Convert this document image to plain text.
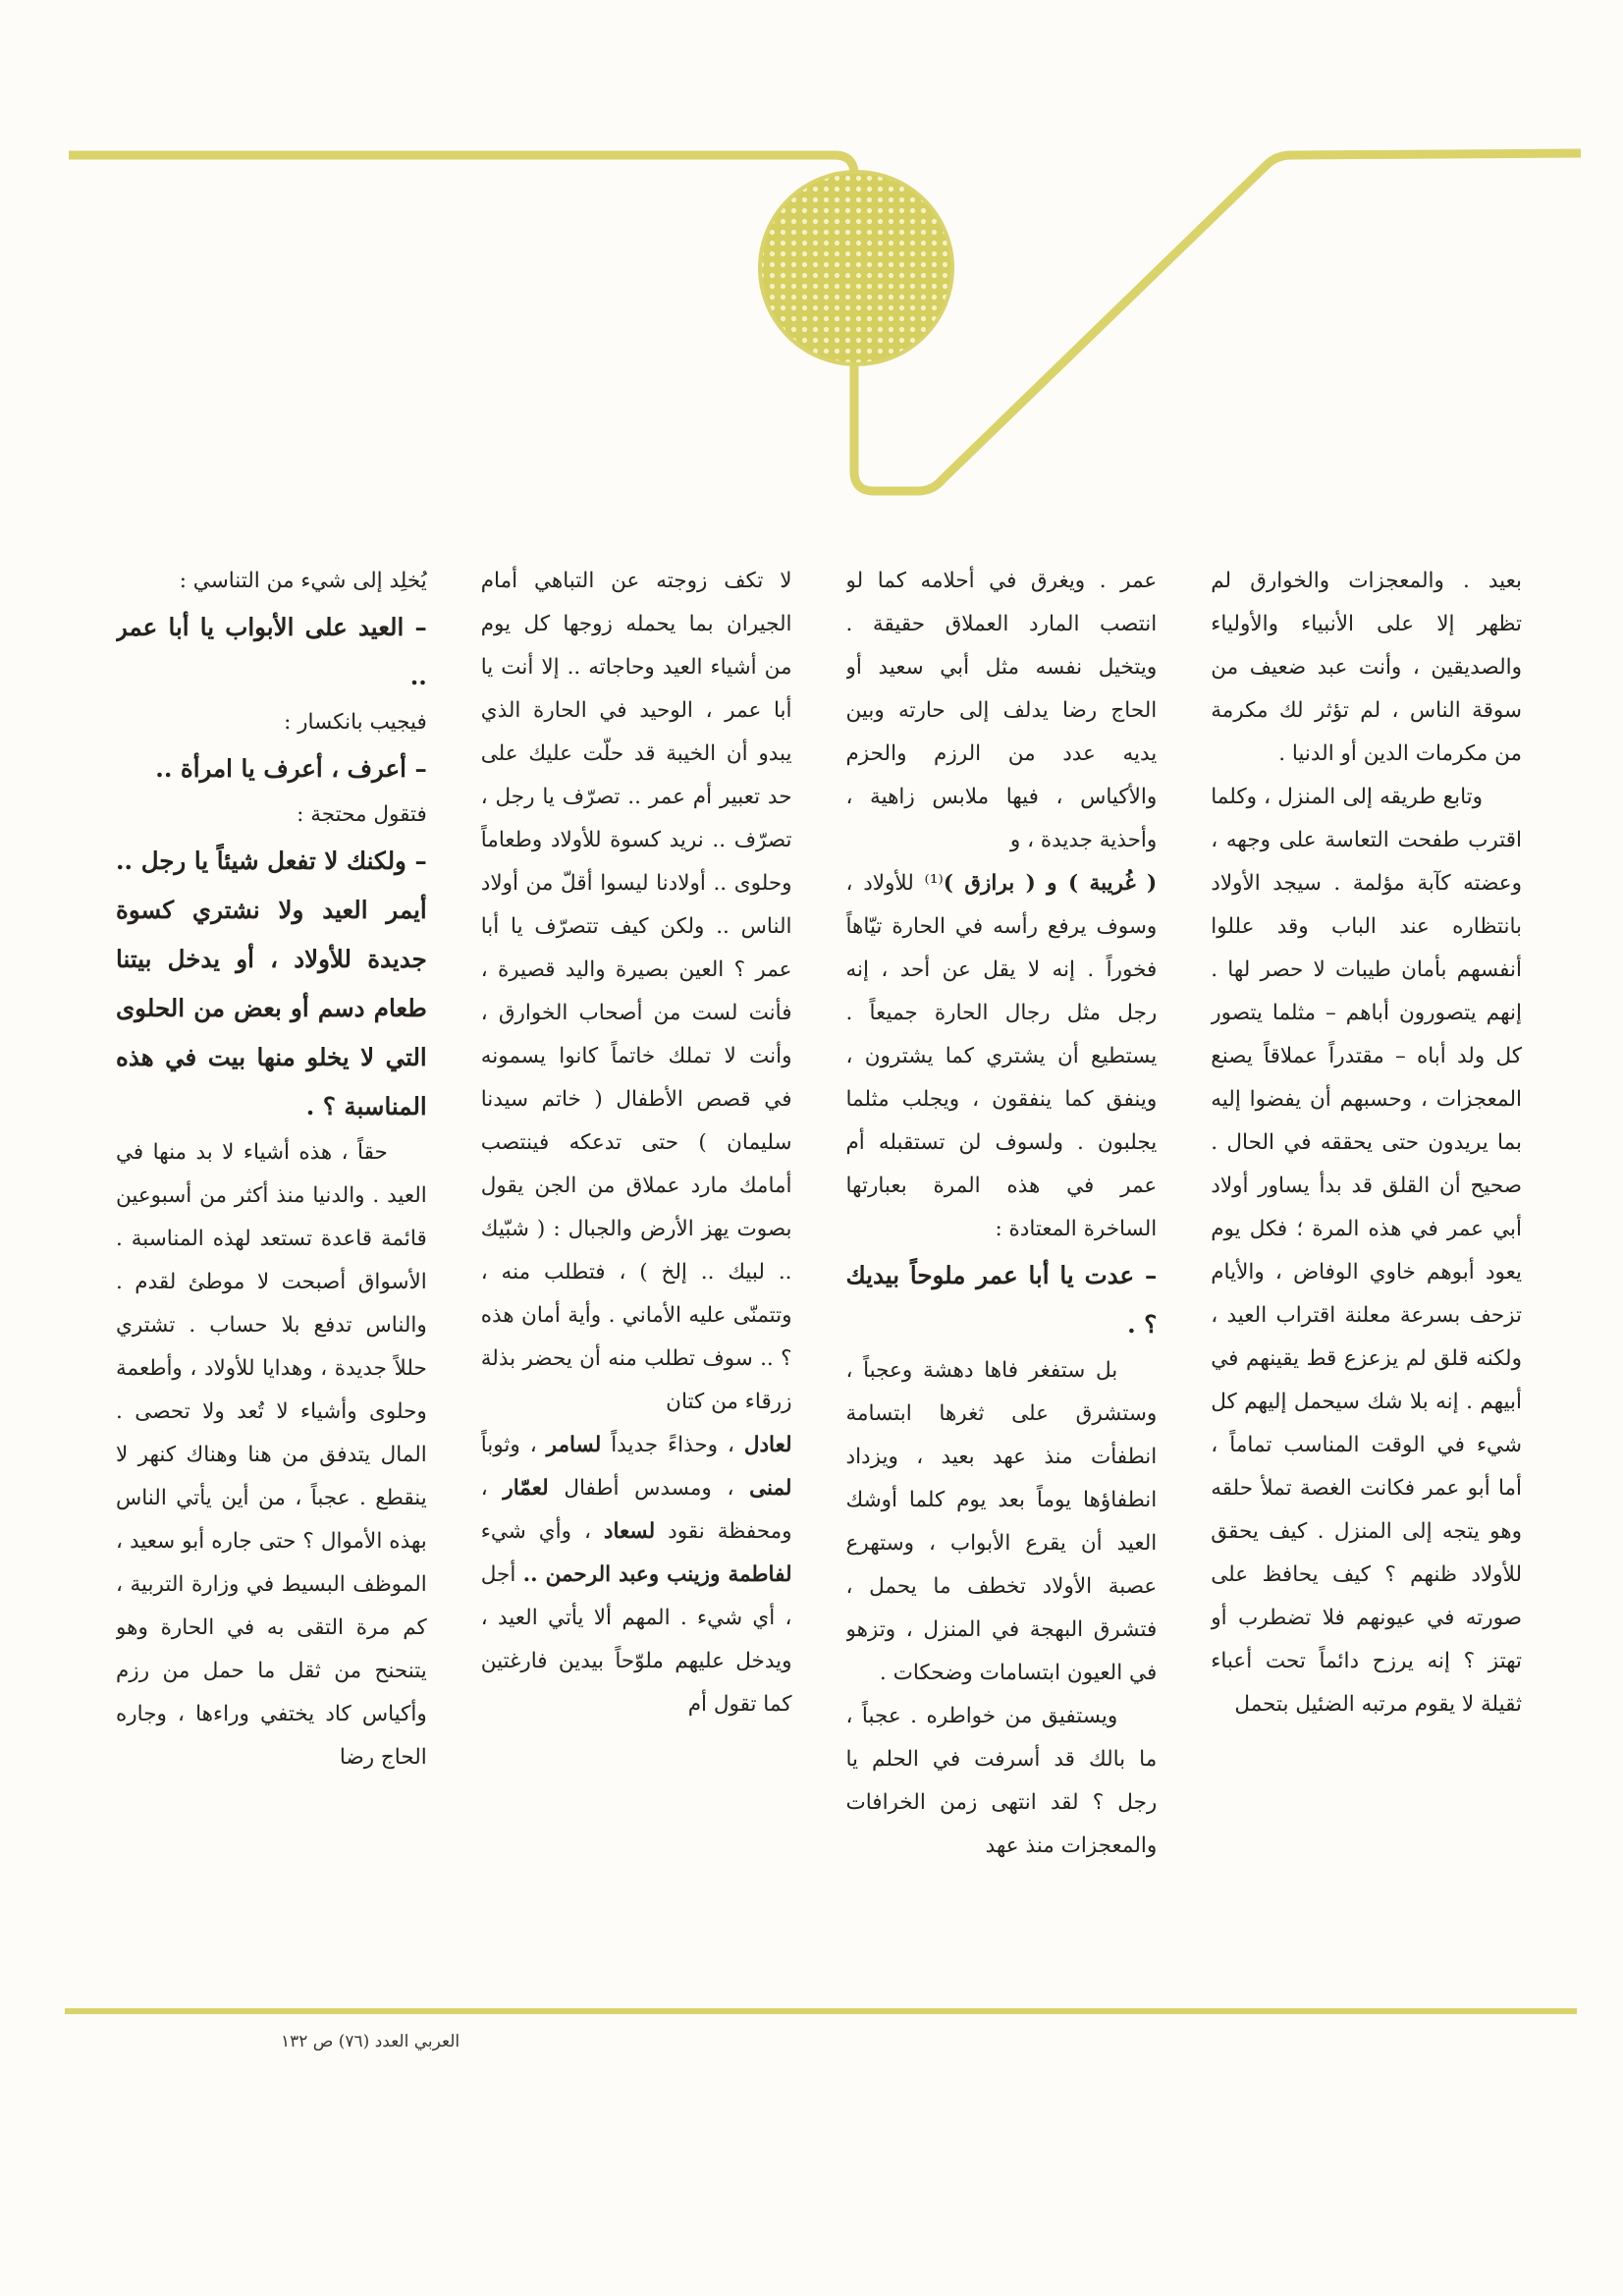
يُخلِد إلى شيء من التناسي :

– العيد على الأبواب يا أبا عمر ..

فيجيب بانكسار :

– أعرف ، أعرف يا امرأة ..

فتقول محتجة :

– ولكنك لا تفعل شيئاً يا رجل .. أيمر العيد ولا نشتري كسوة جديدة للأولاد ، أو يدخل بيتنا طعام دسم أو بعض من الحلوى التي لا يخلو منها بيت في هذه المناسبة ؟ .

حقاً ، هذه أشياء لا بد منها في العيد . والدنيا منذ أكثر من أسبوعين قائمة قاعدة تستعد لهذه المناسبة . الأسواق أصبحت لا موطئ لقدم . والناس تدفع بلا حساب . تشتري حللاً جديدة ، وهدايا للأولاد ، وأطعمة وحلوى وأشياء لا تُعد ولا تحصى . المال يتدفق من هنا وهناك كنهر لا ينقطع . عجباً ، من أين يأتي الناس بهذه الأموال ؟ حتى جاره أبو سعيد ، الموظف البسيط في وزارة التربية ، كم مرة التقى به في الحارة وهو يتنحنح من ثقل ما حمل من رزم وأكياس كاد يختفي وراءها ، وجاره الحاج رضا

لا تكف زوجته عن التباهي أمام الجيران بما يحمله زوجها كل يوم من أشياء العيد وحاجاته .. إلا أنت يا أبا عمر ، الوحيد في الحارة الذي يبدو أن الخيبة قد حلّت عليك على حد تعبير أم عمر .. تصرّف يا رجل ، تصرّف .. نريد كسوة للأولاد وطعاماً وحلوى .. أولادنا ليسوا أقلّ من أولاد الناس .. ولكن كيف تتصرّف يا أبا عمر ؟ العين بصيرة واليد قصيرة ، فأنت لست من أصحاب الخوارق ، وأنت لا تملك خاتماً كانوا يسمونه في قصص الأطفال ( خاتم سيدنا سليمان ) حتى تدعكه فينتصب أمامك مارد عملاق من الجن يقول بصوت يهز الأرض والجبال : ( شبّيك .. لبيك .. إلخ ) ، فتطلب منه ، وتتمنّى عليه الأماني . وأية أمان هذه ؟ .. سوف تطلب منه أن يحضر بذلة زرقاء من كتان

لعادل ، وحذاءً جديداً لسامر ، وثوباً لمنى ، ومسدس أطفال لعمّار ، ومحفظة نقود لسعاد ، وأي شيء لفاطمة وزينب وعبد الرحمن .. أجل ، أي شيء . المهم ألا يأتي العيد ، ويدخل عليهم ملوّحاً بيدين فارغتين كما تقول أم

عمر . ويغرق في أحلامه كما لو انتصب المارد العملاق حقيقة . ويتخيل نفسه مثل أبي سعيد أو الحاج رضا يدلف إلى حارته وبين يديه عدد من الرزم والحزم والأكياس ، فيها ملابس زاهية ، وأحذية جديدة ، و

( غُريبة ) و ( برازق )⁽¹⁾ للأولاد ، وسوف يرفع رأسه في الحارة تيّاهاً فخوراً . إنه لا يقل عن أحد ، إنه رجل مثل رجال الحارة جميعاً . يستطيع أن يشتري كما يشترون ، وينفق كما ينفقون ، ويجلب مثلما يجلبون . ولسوف لن تستقبله أم عمر في هذه المرة بعبارتها الساخرة المعتادة :

– عدت يا أبا عمر ملوحاً بيديك ؟ .

بل ستفغر فاها دهشة وعجباً ، وستشرق على ثغرها ابتسامة انطفأت منذ عهد بعيد ، ويزداد انطفاؤها يوماً بعد يوم كلما أوشك العيد أن يقرع الأبواب ، وستهرع عصبة الأولاد تخطف ما يحمل ، فتشرق البهجة في المنزل ، وتزهو في العيون ابتسامات وضحكات .

ويستفيق من خواطره . عجباً ، ما بالك قد أسرفت في الحلم يا رجل ؟ لقد انتهى زمن الخرافات والمعجزات منذ عهد

بعيد . والمعجزات والخوارق لم تظهر إلا على الأنبياء والأولياء والصديقين ، وأنت عبد ضعيف من سوقة الناس ، لم تؤثر لك مكرمة من مكرمات الدين أو الدنيا .

وتابع طريقه إلى المنزل ، وكلما اقترب طفحت التعاسة على وجهه ، وعضته كآبة مؤلمة . سيجد الأولاد بانتظاره عند الباب وقد عللوا أنفسهم بأمان طيبات لا حصر لها . إنهم يتصورون أباهم – مثلما يتصور كل ولد أباه – مقتدراً عملاقاً يصنع المعجزات ، وحسبهم أن يفضوا إليه بما يريدون حتى يحققه في الحال . صحيح أن القلق قد بدأ يساور أولاد أبي عمر في هذه المرة ؛ فكل يوم يعود أبوهم خاوي الوفاض ، والأيام تزحف بسرعة معلنة اقتراب العيد ، ولكنه قلق لم يزعزع قط يقينهم في أبيهم . إنه بلا شك سيحمل إليهم كل شيء في الوقت المناسب تماماً ، أما أبو عمر فكانت الغصة تملأ حلقه وهو يتجه إلى المنزل . كيف يحقق للأولاد ظنهم ؟ كيف يحافظ على صورته في عيونهم فلا تضطرب أو تهتز ؟ إنه يرزح دائماً تحت أعباء ثقيلة لا يقوم مرتبه الضئيل بتحمل

العربي العدد (٧٦) ص ١٣٢
